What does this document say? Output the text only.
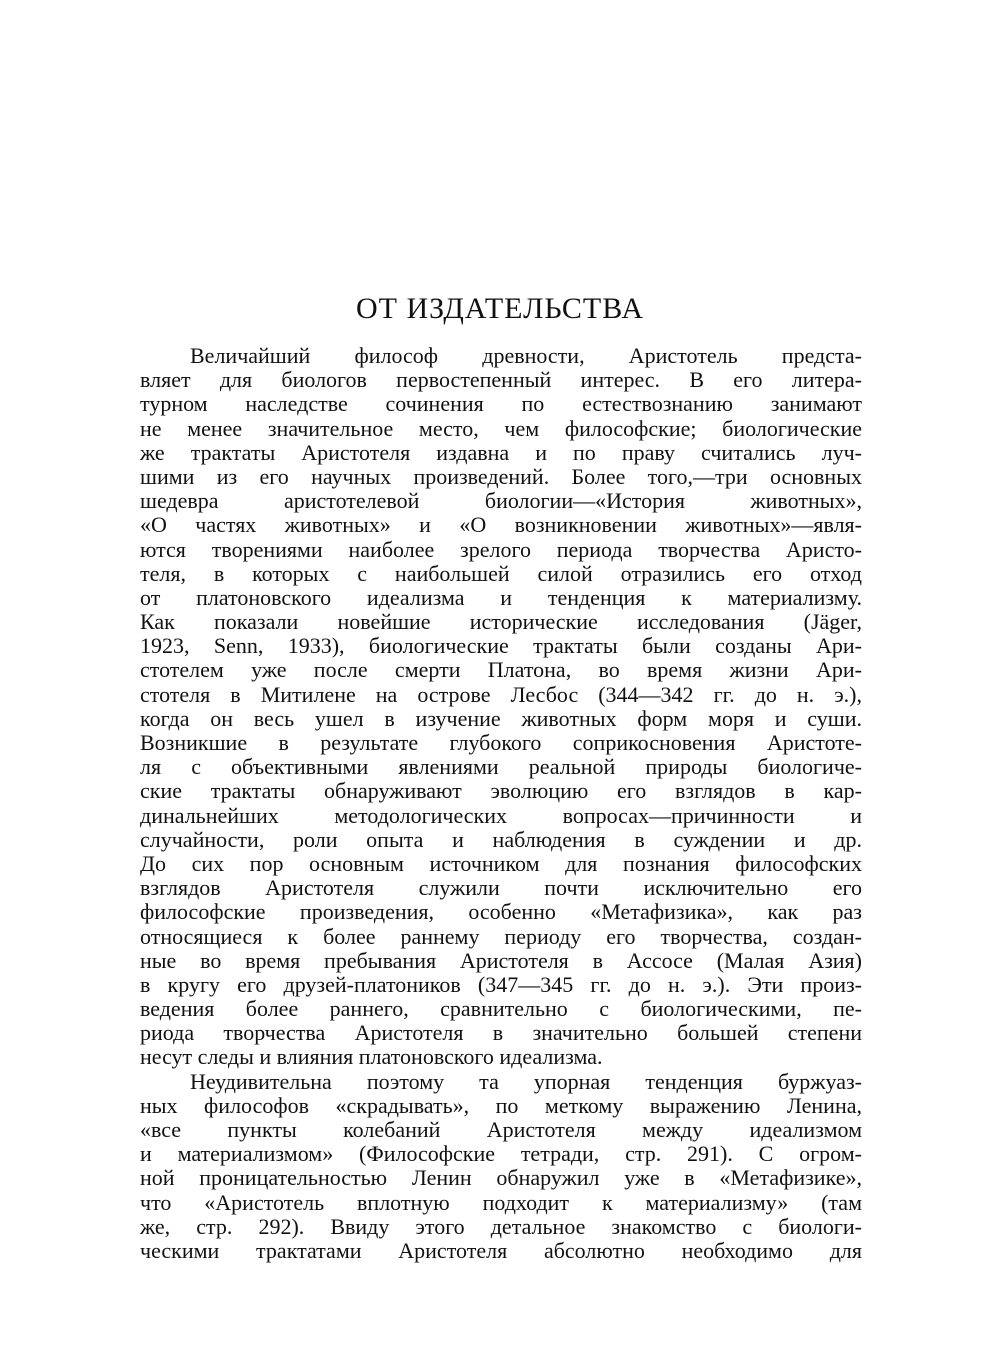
ОТ ИЗДАТЕЛЬСТВА
Величайший философ древности, Аристотель предста-
вляет для биологов первостепенный интерес. В его литера-
турном наследстве сочинения по естествознанию занимают
не менее значительное место, чем философские; биологические
же трактаты Аристотеля издавна и по праву считались луч-
шими из его научных произведений. Более того,—три основных
шедевра аристотелевой биологии—«История животных»,
«О частях животных» и «О возникновении животных»—явля-
ются творениями наиболее зрелого периода творчества Аристо-
теля, в которых с наибольшей силой отразились его отход
от платоновского идеализма и тенденция к материализму.
Как показали новейшие исторические исследования (Jäger,
1923, Senn, 1933), биологические трактаты были созданы Ари-
стотелем уже после смерти Платона, во время жизни Ари-
стотеля в Митилене на острове Лесбос (344—342 гг. до н. э.),
когда он весь ушел в изучение животных форм моря и суши.
Возникшие в результате глубокого соприкосновения Аристоте-
ля с объективными явлениями реальной природы биологиче-
ские трактаты обнаруживают эволюцию его взглядов в кар-
динальнейших методологических вопросах—причинности и
случайности, роли опыта и наблюдения в суждении и др.
До сих пор основным источником для познания философских
взглядов Аристотеля служили почти исключительно его
философские произведения, особенно «Метафизика», как раз
относящиеся к более раннему периоду его творчества, создан-
ные во время пребывания Аристотеля в Ассосе (Малая Азия)
в кругу его друзей-платоников (347—345 гг. до н. э.). Эти произ-
ведения более раннего, сравнительно с биологическими, пе-
риода творчества Аристотеля в значительно большей степени
несут следы и влияния платоновского идеализма.
Неудивительна поэтому та упорная тенденция буржуаз-
ных философов «скрадывать», по меткому выражению Ленина,
«все пункты колебаний Аристотеля между идеализмом
и материализмом» (Философские тетради, стр. 291). С огром-
ной проницательностью Ленин обнаружил уже в «Метафизике»,
что «Аристотель вплотную подходит к материализму» (там
же, стр. 292). Ввиду этого детальное знакомство с биологи-
ческими трактатами Аристотеля абсолютно необходимо для
